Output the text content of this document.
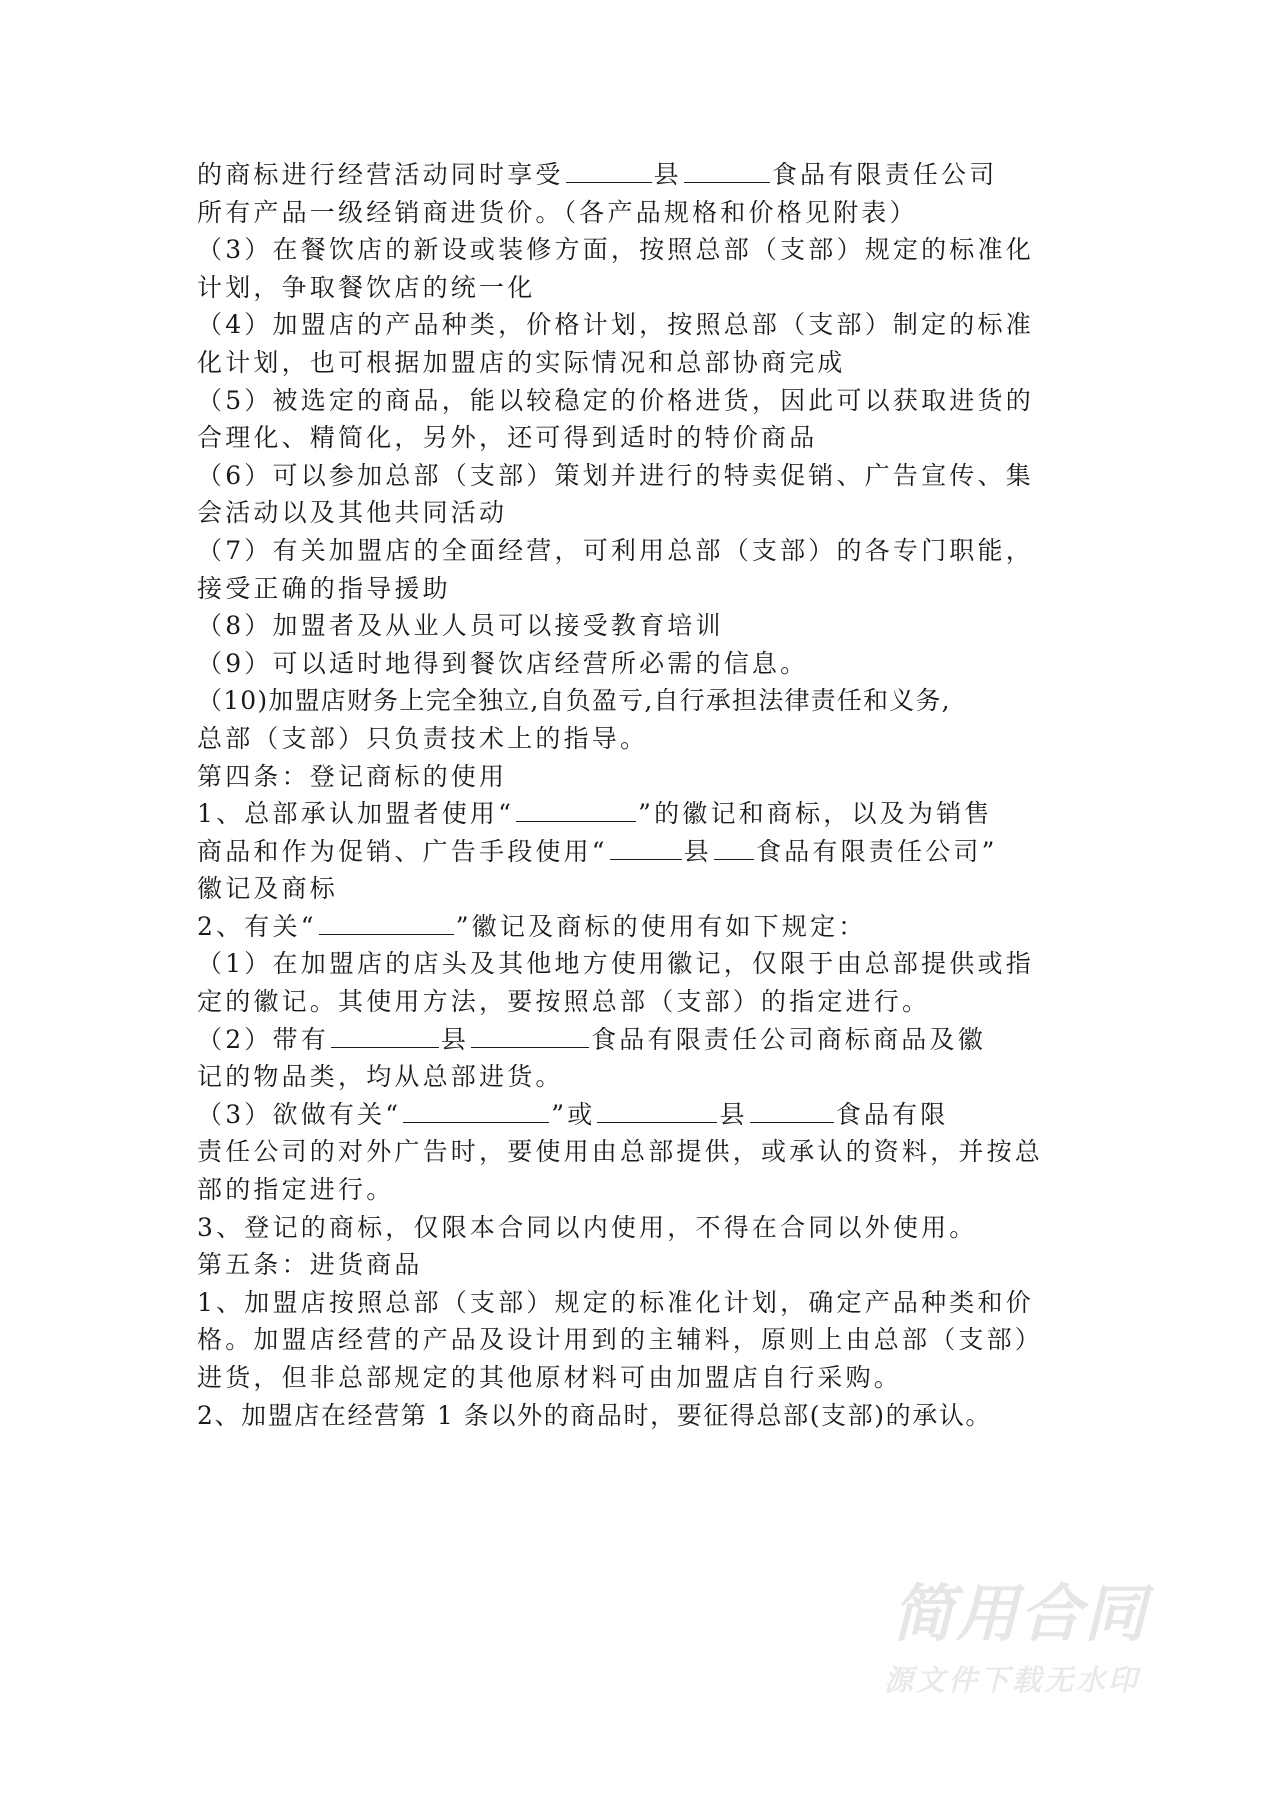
的商标进行经营活动同时享受	县	食品有限责任公司
所有产品一级经销商进货价。（各产品规格和价格见附表）
（3）在餐饮店的新设或装修方面，按照总部（支部）规定的标准化
计划，争取餐饮店的统一化
（4）加盟店的产品种类，价格计划，按照总部（支部）制定的标准
化计划，也可根据加盟店的实际情况和总部协商完成
（5）被选定的商品，能以较稳定的价格进货，因此可以获取进货的
合理化、精简化，另外，还可得到适时的特价商品
（6）可以参加总部（支部）策划并进行的特卖促销、广告宣传、集
会活动以及其他共同活动
（7）有关加盟店的全面经营，可利用总部（支部）的各专门职能，
接受正确的指导援助
（8）加盟者及从业人员可以接受教育培训
（9）可以适时地得到餐饮店经营所必需的信息。
（10)加盟店财务上完全独立,自负盈亏,自行承担法律责任和义务,
总部（支部）只负责技术上的指导。
第四条：登记商标的使用
1、总部承认加盟者使用“	”的徽记和商标，以及为销售
商品和作为促销、广告手段使用“	县 食品有限责任公司”
徽记及商标
2、有关“	”徽记及商标的使用有如下规定：
（1）在加盟店的店头及其他地方使用徽记，仅限于由总部提供或指
定的徽记。其使用方法，要按照总部（支部）的指定进行。
（2）带有	县	食品有限责任公司商标商品及徽
记的物品类，均从总部进货。
（3）欲做有关“	”或	县	食品有限
责任公司的对外广告时，要使用由总部提供，或承认的资料，并按总
部的指定进行。
3、登记的商标，仅限本合同以内使用，不得在合同以外使用。
第五条：进货商品
1、加盟店按照总部（支部）规定的标准化计划，确定产品种类和价
格。加盟店经营的产品及设计用到的主辅料，原则上由总部（支部）
进货，但非总部规定的其他原材料可由加盟店自行采购。
2、加盟店在经营第 1 条以外的商品时，要征得总部(支部)的承认。
简用合同
源文件下载无水印
